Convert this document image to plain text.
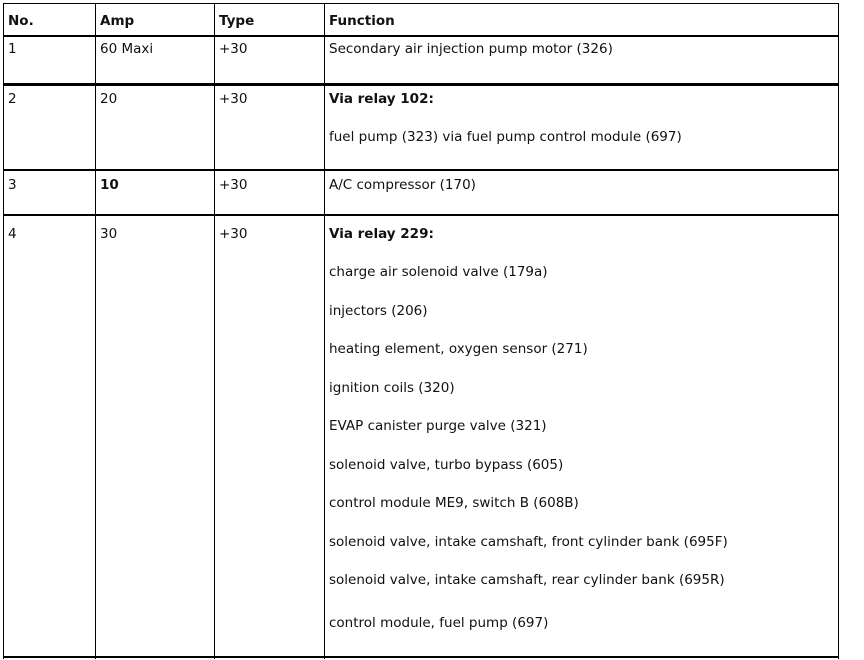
No.	Amp	Type	Function
1	60 Maxi	+30	Secondary air injection pump motor (326)
2	20	+30	Via relay 102:
fuel pump (323) via fuel pump control module (697)
3	10	+30	A/C compressor (170)
4	30	+30	Via relay 229:
charge air solenoid valve (179a)
injectors (206)
heating element, oxygen sensor (271)
ignition coils (320)
EVAP canister purge valve (321)
solenoid valve, turbo bypass (605)
control module ME9, switch B (608B)
solenoid valve, intake camshaft, front cylinder bank (695F)
solenoid valve, intake camshaft, rear cylinder bank (695R)
control module, fuel pump (697)
